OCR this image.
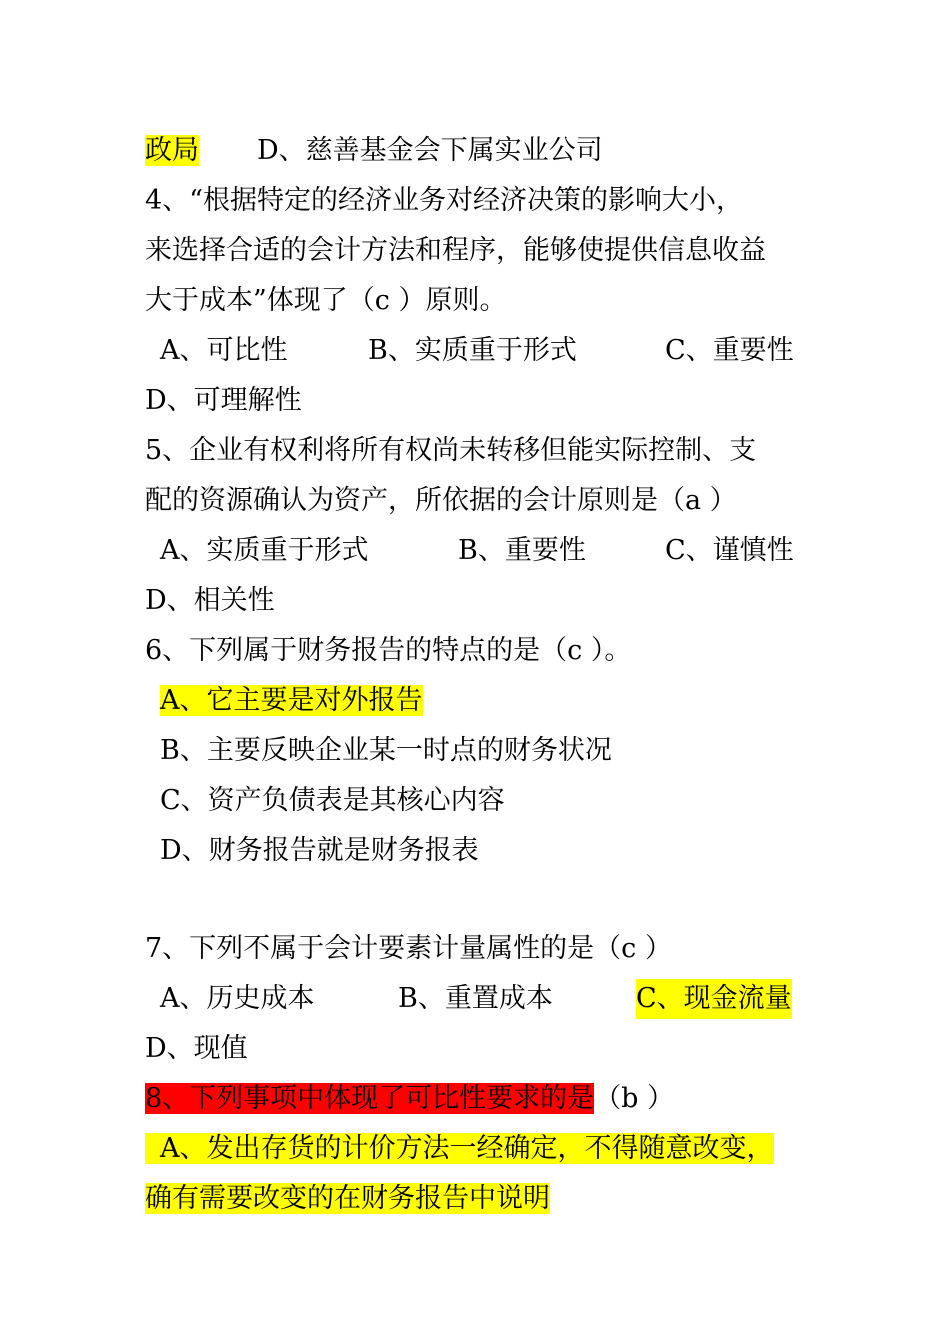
政局 D、慈善基金会下属实业公司
4、“根据特定的经济业务对经济决策的影响大小，
来选择合适的会计方法和程序，能够使提供信息收益
大于成本”体现了（c ）原则。
A、可比性	B、实质重于形式	C、重要性
D、可理解性
5、企业有权利将所有权尚未转移但能实际控制、支
配的资源确认为资产，所依据的会计原则是（a ）
A、实质重于形式	B、重要性	C、谨慎性
D、相关性
6、下列属于财务报告的特点的是（c ）。
A、它主要是对外报告
B、主要反映企业某一时点的财务状况
C、资产负债表是其核心内容
D、财务报告就是财务报表
7、下列不属于会计要素计量属性的是（c ）
A、历史成本	B、重置成本	C、现金流量
D、现值
8、下列事项中体现了可比性要求的是（b ）
A、发出存货的计价方法一经确定，不得随意改变，
确有需要改变的在财务报告中说明
